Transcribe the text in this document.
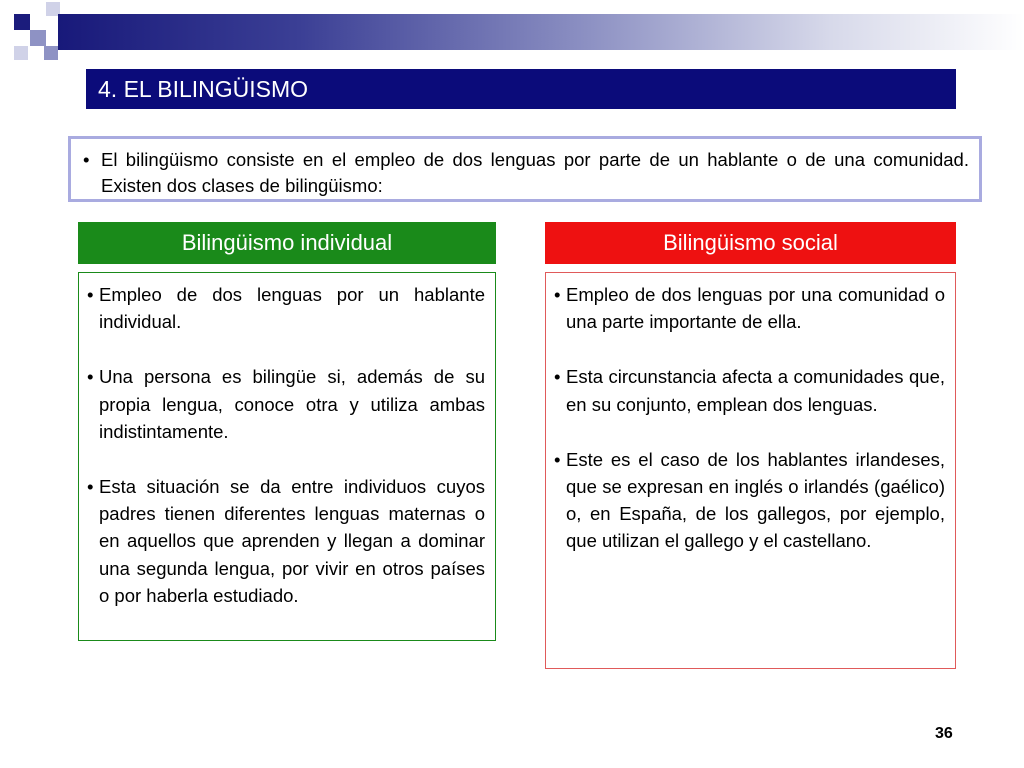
4. EL BILINGÜISMO
• El bilingüismo consiste en el empleo de dos lenguas por parte de un hablante o de una comunidad. Existen dos clases de bilingüismo:
Bilingüismo individual	Bilingüismo social
• Empleo de dos lenguas por un hablante individual.
• Una persona es bilingüe si, además de su propia lengua, conoce otra y utiliza ambas indistintamente.
• Esta situación se da entre individuos cuyos padres tienen diferentes lenguas maternas o en aquellos que aprenden y llegan a dominar una segunda lengua, por vivir en otros países o por haberla estudiado.
• Empleo de dos lenguas por una comunidad o una parte importante de ella.
• Esta circunstancia afecta a comunidades que, en su conjunto, emplean dos lenguas.
• Este es el caso de los hablantes irlandeses, que se expresan en inglés o irlandés (gaélico) o, en España, de los gallegos, por ejemplo, que utilizan el gallego y el castellano.
36
